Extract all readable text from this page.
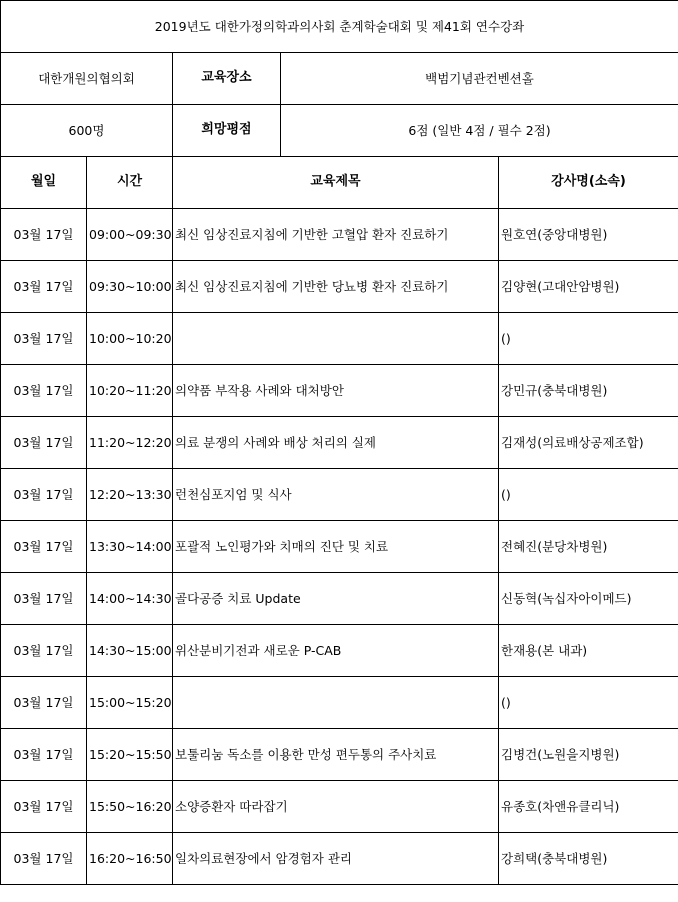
2019년도 대한가정의학과의사회 춘계학술대회 및 제41회 연수강좌				
대한개원의협의회		교육장소	백범기념관컨벤션홀	
600명		희망평점	6점 (일반 4점 / 필수 2점)	
월일	시간	교육제목		강사명(소속)
03월 17일	09:00~09:30	최신 임상진료지침에 기반한 고혈압 환자 진료하기		원호연(중앙대병원)
03월 17일	09:30~10:00	최신 임상진료지침에 기반한 당뇨병 환자 진료하기		김양현(고대안암병원)
03월 17일	10:00~10:20			()
03월 17일	10:20~11:20	의약품 부작용 사례와 대처방안		강민규(충북대병원)
03월 17일	11:20~12:20	의료 분쟁의 사례와 배상 처리의 실제		김재성(의료배상공제조합)
03월 17일	12:20~13:30	런천심포지엄 및 식사		()
03월 17일	13:30~14:00	포괄적 노인평가와 치매의 진단 및 치료		전혜진(분당차병원)
03월 17일	14:00~14:30	골다공증 치료 Update		신동혁(녹십자아이메드)
03월 17일	14:30~15:00	위산분비기전과 새로운 P-CAB		한재용(본 내과)
03월 17일	15:00~15:20			()
03월 17일	15:20~15:50	보툴리눔 독소를 이용한 만성 편두통의 주사치료		김병건(노원을지병원)
03월 17일	15:50~16:20	소양증환자 따라잡기		유종호(차앤유클리닉)
03월 17일	16:20~16:50	일차의료현장에서 암경험자 관리		강희택(충북대병원)
